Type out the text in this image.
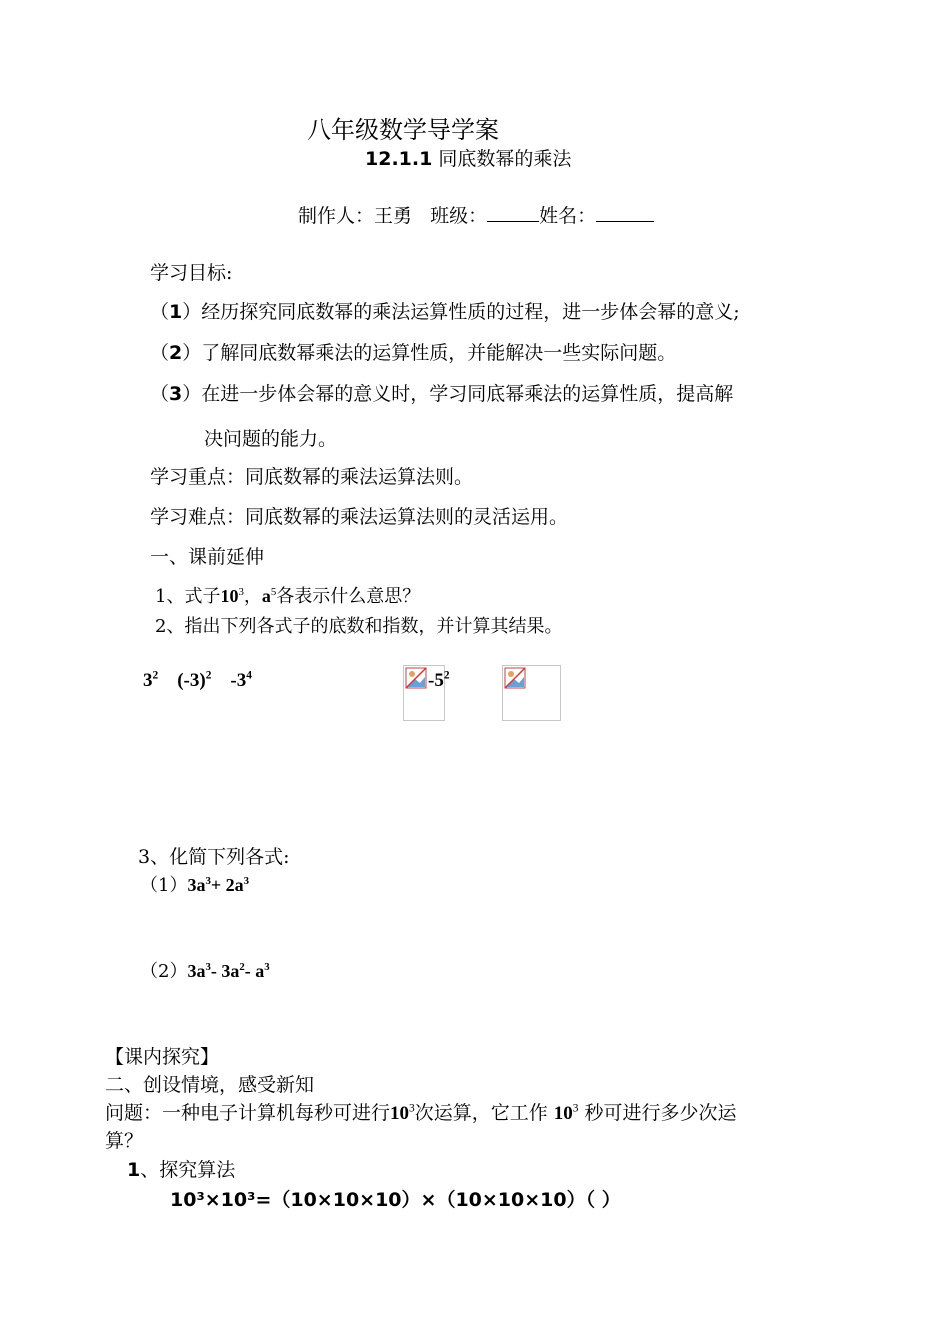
八年级数学导学案
12.1.1 同底数幂的乘法
制作人：王勇 班级：	姓名：
学习目标:
（1）经历探究同底数幂的乘法运算性质的过程，进一步体会幂的意义;
（2）了解同底数幂乘法的运算性质，并能解决一些实际问题。
（3）在进一步体会幂的意义时，学习同底幂乘法的运算性质，提高解
决问题的能力。
学习重点：同底数幂的乘法运算法则。
学习难点：同底数幂的乘法运算法则的灵活运用。
一、课前延伸
1、式子$10^3$，$a^5$各表示什么意思？
2、指出下列各式子的底数和指数，并计算其结果。
$3^2$ $(-3)^2$ $-3^4$	$-5^2$
3、化简下列各式:
$(1)3a^3+ 2a^3$
$(2)3a^3-$ $3a^2-$ $a^3$
【课内探究】
二、创设情境，感受新知
问题：一种电子计算机每秒可进行$10^3$次运算，它工作 $10^3$ 秒可进行多少次运
算？
1、探究算法
10³×10³=（10×10×10）×（10×10×10）（ ）
